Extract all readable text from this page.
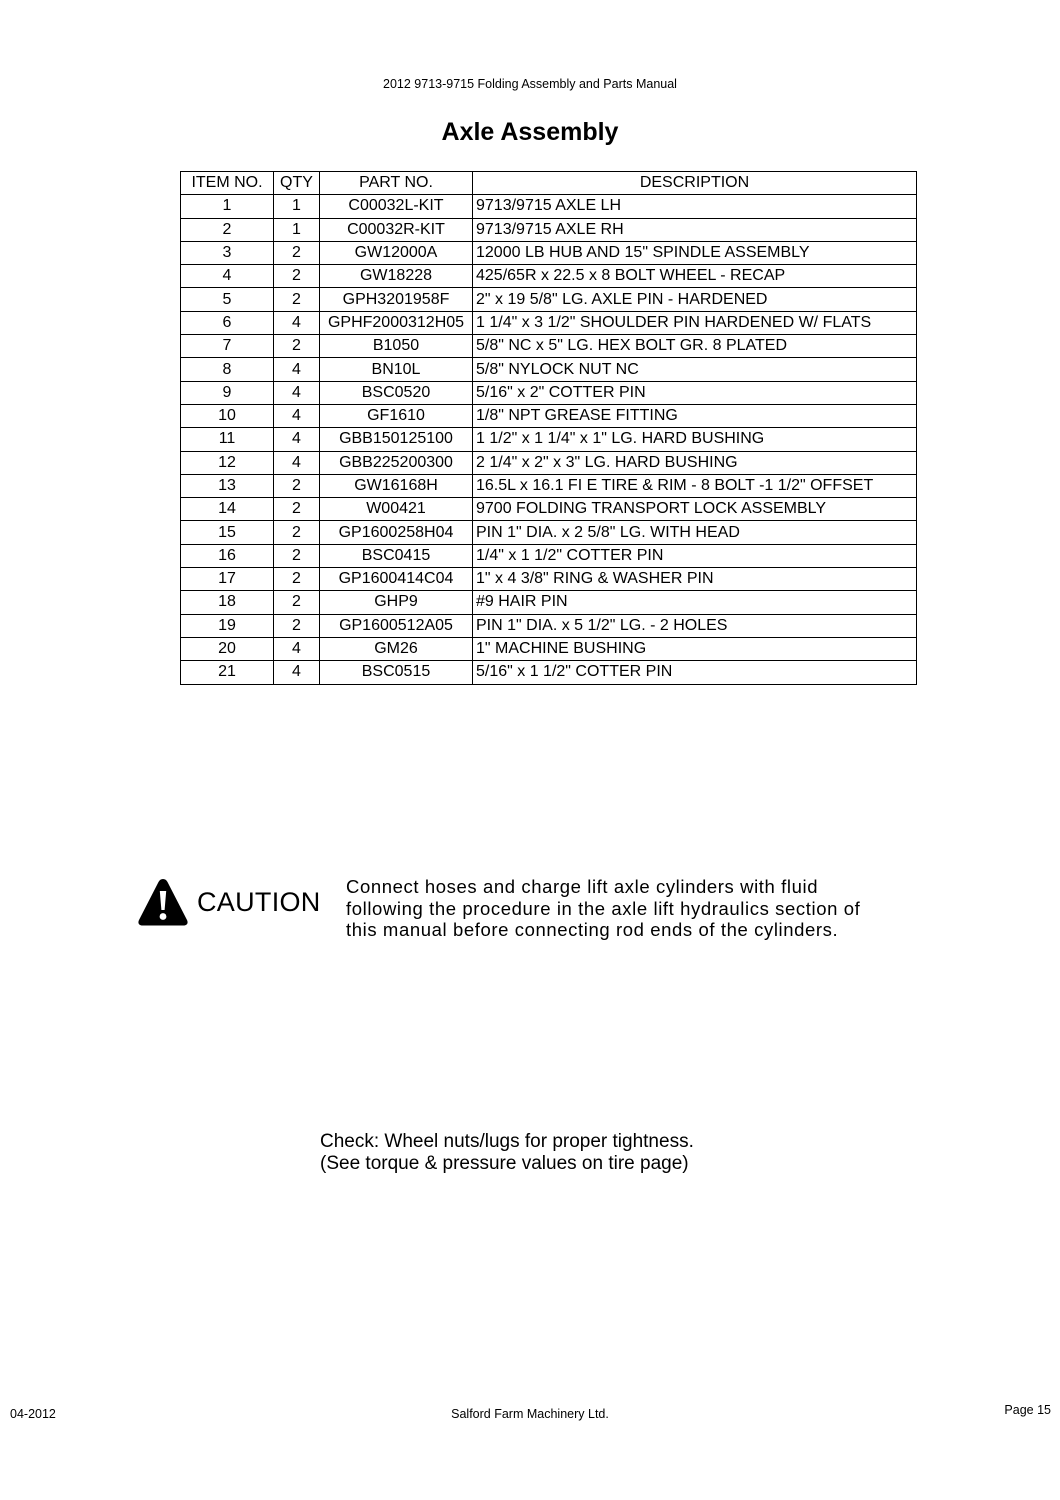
2012 9713-9715 Folding Assembly and Parts Manual
Axle Assembly
ITEM NO.	QTY	PART NO.	DESCRIPTION
1	1	C00032L-KIT	9713/9715 AXLE LH
2	1	C00032R-KIT	9713/9715 AXLE RH
3	2	GW12000A	12000 LB HUB AND 15" SPINDLE ASSEMBLY
4	2	GW18228	425/65R x 22.5 x 8 BOLT WHEEL - RECAP
5	2	GPH3201958F	2" x 19 5/8" LG. AXLE PIN - HARDENED
6	4	GPHF2000312H05	1 1/4" x 3 1/2" SHOULDER PIN HARDENED W/ FLATS
7	2	B1050	5/8" NC x 5" LG. HEX BOLT GR. 8 PLATED
8	4	BN10L	5/8" NYLOCK NUT NC
9	4	BSC0520	5/16" x 2" COTTER PIN
10	4	GF1610	1/8" NPT GREASE FITTING
11	4	GBB150125100	1 1/2" x 1 1/4" x 1" LG. HARD BUSHING
12	4	GBB225200300	2 1/4" x 2" x 3" LG. HARD BUSHING
13	2	GW16168H	16.5L x 16.1 FI E TIRE & RIM - 8 BOLT -1 1/2" OFFSET
14	2	W00421	9700 FOLDING TRANSPORT LOCK ASSEMBLY
15	2	GP1600258H04	PIN 1" DIA. x 2 5/8" LG. WITH HEAD
16	2	BSC0415	1/4" x 1 1/2" COTTER PIN
17	2	GP1600414C04	1" x 4 3/8" RING & WASHER PIN
18	2	GHP9	#9 HAIR PIN
19	2	GP1600512A05	PIN 1" DIA. x 5 1/2" LG. - 2 HOLES
20	4	GM26	1" MACHINE BUSHING
21	4	BSC0515	5/16" x 1 1/2" COTTER PIN
CAUTION
Connect hoses and charge lift axle cylinders with fluid
following the procedure in the axle lift hydraulics section of
this manual before connecting rod ends of the cylinders.
Check: Wheel nuts/lugs for proper tightness.
(See torque & pressure values on tire page)
04-2012	Salford Farm Machinery Ltd.	Page 15
